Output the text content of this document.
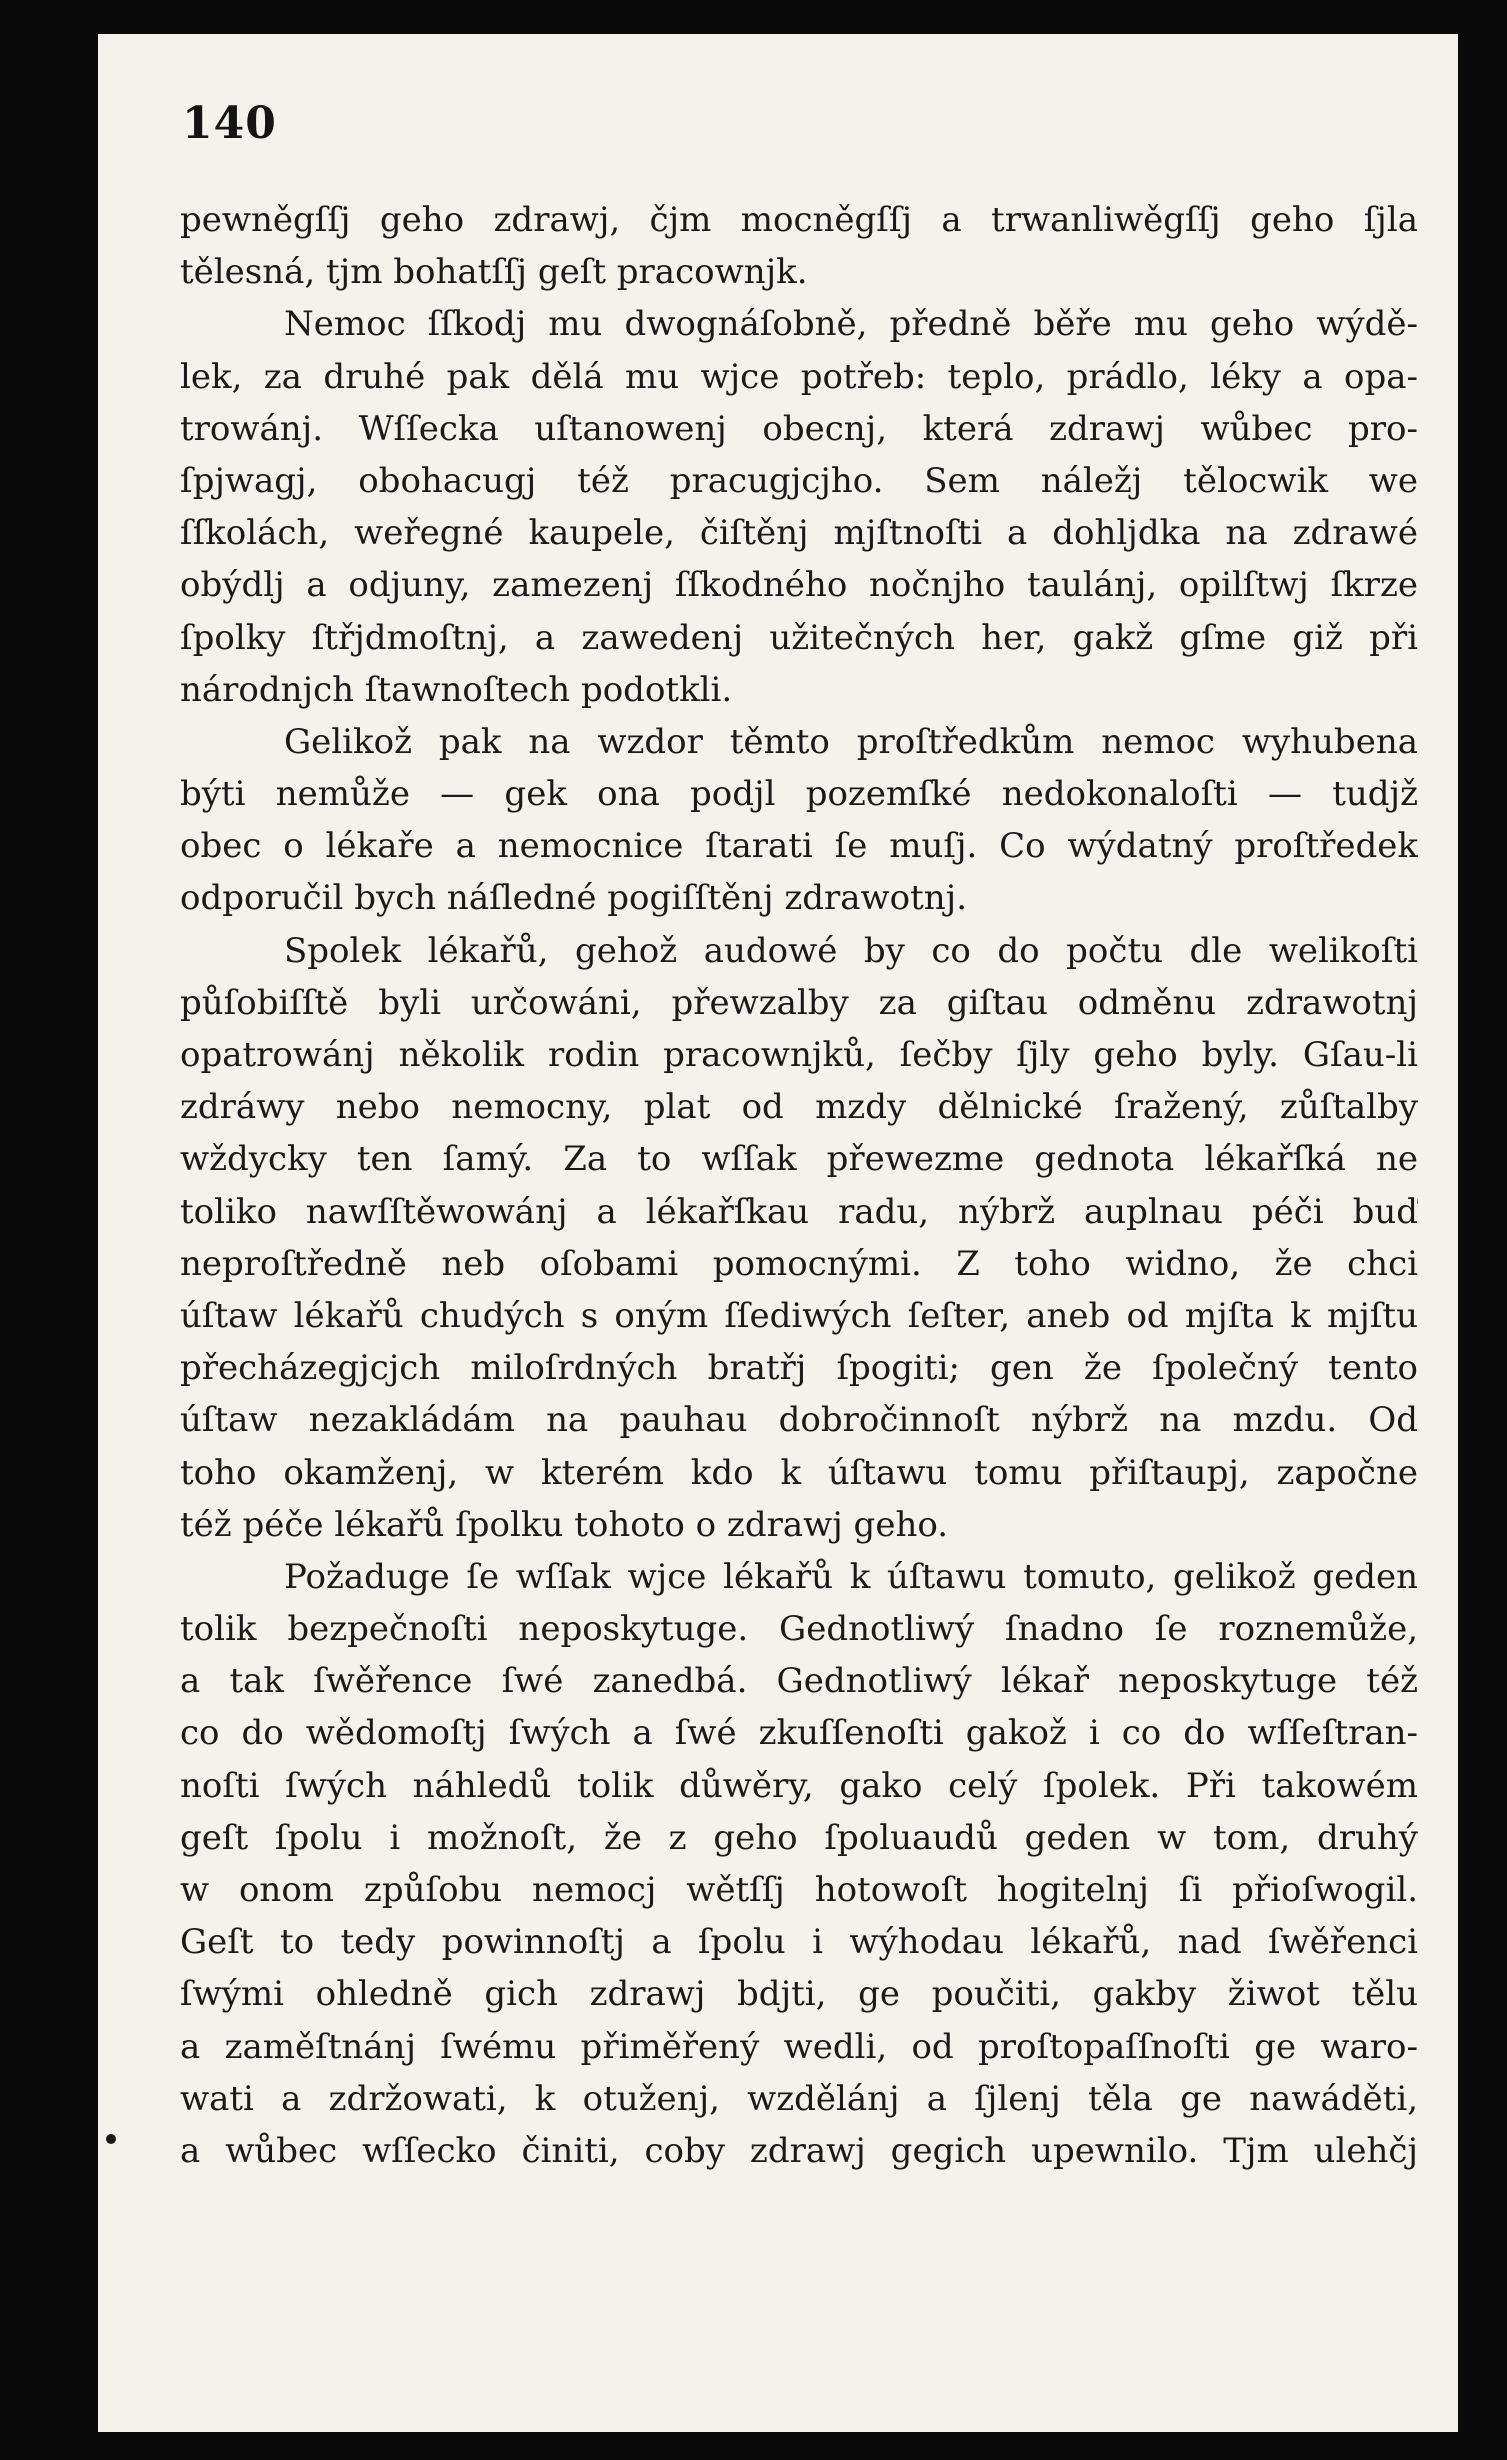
140
pewněgſſj geho zdrawj, čjm mocněgſſj a trwanliwěgſſj geho ſjla
tělesná, tjm bohatſſj geſt pracownjk.
Nemoc ſſkodj mu dwognáſobně, předně běře mu geho wýdě-
lek, za druhé pak dělá mu wjce potřeb: teplo, prádlo, léky a opa-
trowánj. Wſſecka uſtanowenj obecnj, která zdrawj wůbec pro-
ſpjwagj, obohacugj též pracugjcjho. Sem náležj tělocwik we
ſſkolách, weřegné kaupele, čiſtěnj mjſtnoſti a dohljdka na zdrawé
obýdlj a odjuny, zamezenj ſſkodného nočnjho taulánj, opilſtwj ſkrze
ſpolky ſtřjdmoſtnj, a zawedenj užitečných her, gakž gſme giž při
národnjch ſtawnoſtech podotkli.
Gelikož pak na wzdor těmto proſtředkům nemoc wyhubena
býti nemůže — gek ona podjl pozemſké nedokonaloſti — tudjž
obec o lékaře a nemocnice ſtarati ſe muſj. Co wýdatný proſtředek
odporučil bych náſledné pogiſſtěnj zdrawotnj.
Spolek lékařů, gehož audowé by co do počtu dle welikoſti
půſobiſſtě byli určowáni, přewzalby za giſtau odměnu zdrawotnj
opatrowánj několik rodin pracownjků, ſečby ſjly geho byly. Gſau-li
zdráwy nebo nemocny, plat od mzdy dělnické ſražený, zůſtalby
wždycky ten ſamý. Za to wſſak přewezme gednota lékařſká ne
toliko nawſſtěwowánj a lékařſkau radu, nýbrž auplnau péči buď
neproſtředně neb oſobami pomocnými. Z toho widno, že chci
úſtaw lékařů chudých s oným ſſediwých ſeſter, aneb od mjſta k mjſtu
přecházegjcjch miloſrdných bratřj ſpogiti; gen že ſpolečný tento
úſtaw nezakládám na pauhau dobročinnoſt nýbrž na mzdu. Od
toho okamženj, w kterém kdo k úſtawu tomu přiſtaupj, započne
též péče lékařů ſpolku tohoto o zdrawj geho.
Požaduge ſe wſſak wjce lékařů k úſtawu tomuto, gelikož geden
tolik bezpečnoſti neposkytuge. Gednotliwý ſnadno ſe roznemůže,
a tak ſwěřence ſwé zanedbá. Gednotliwý lékař neposkytuge též
co do wědomoſtj ſwých a ſwé zkuſſenoſti gakož i co do wſſeſtran-
noſti ſwých náhledů tolik důwěry, gako celý ſpolek. Při takowém
geſt ſpolu i možnoſt, že z geho ſpoluaudů geden w tom, druhý
w onom způſobu nemocj wětſſj hotowoſt hogitelnj ſi přioſwogil.
Geſt to tedy powinnoſtj a ſpolu i wýhodau lékařů, nad ſwěřenci
ſwými ohledně gich zdrawj bdjti, ge poučiti, gakby žiwot tělu
a zaměſtnánj ſwému přiměřený wedli, od proſtopaſſnoſti ge waro-
wati a zdržowati, k otuženj, wzdělánj a ſjlenj těla ge nawáděti,
a wůbec wſſecko činiti, coby zdrawj gegich upewnilo. Tjm ulehčj
